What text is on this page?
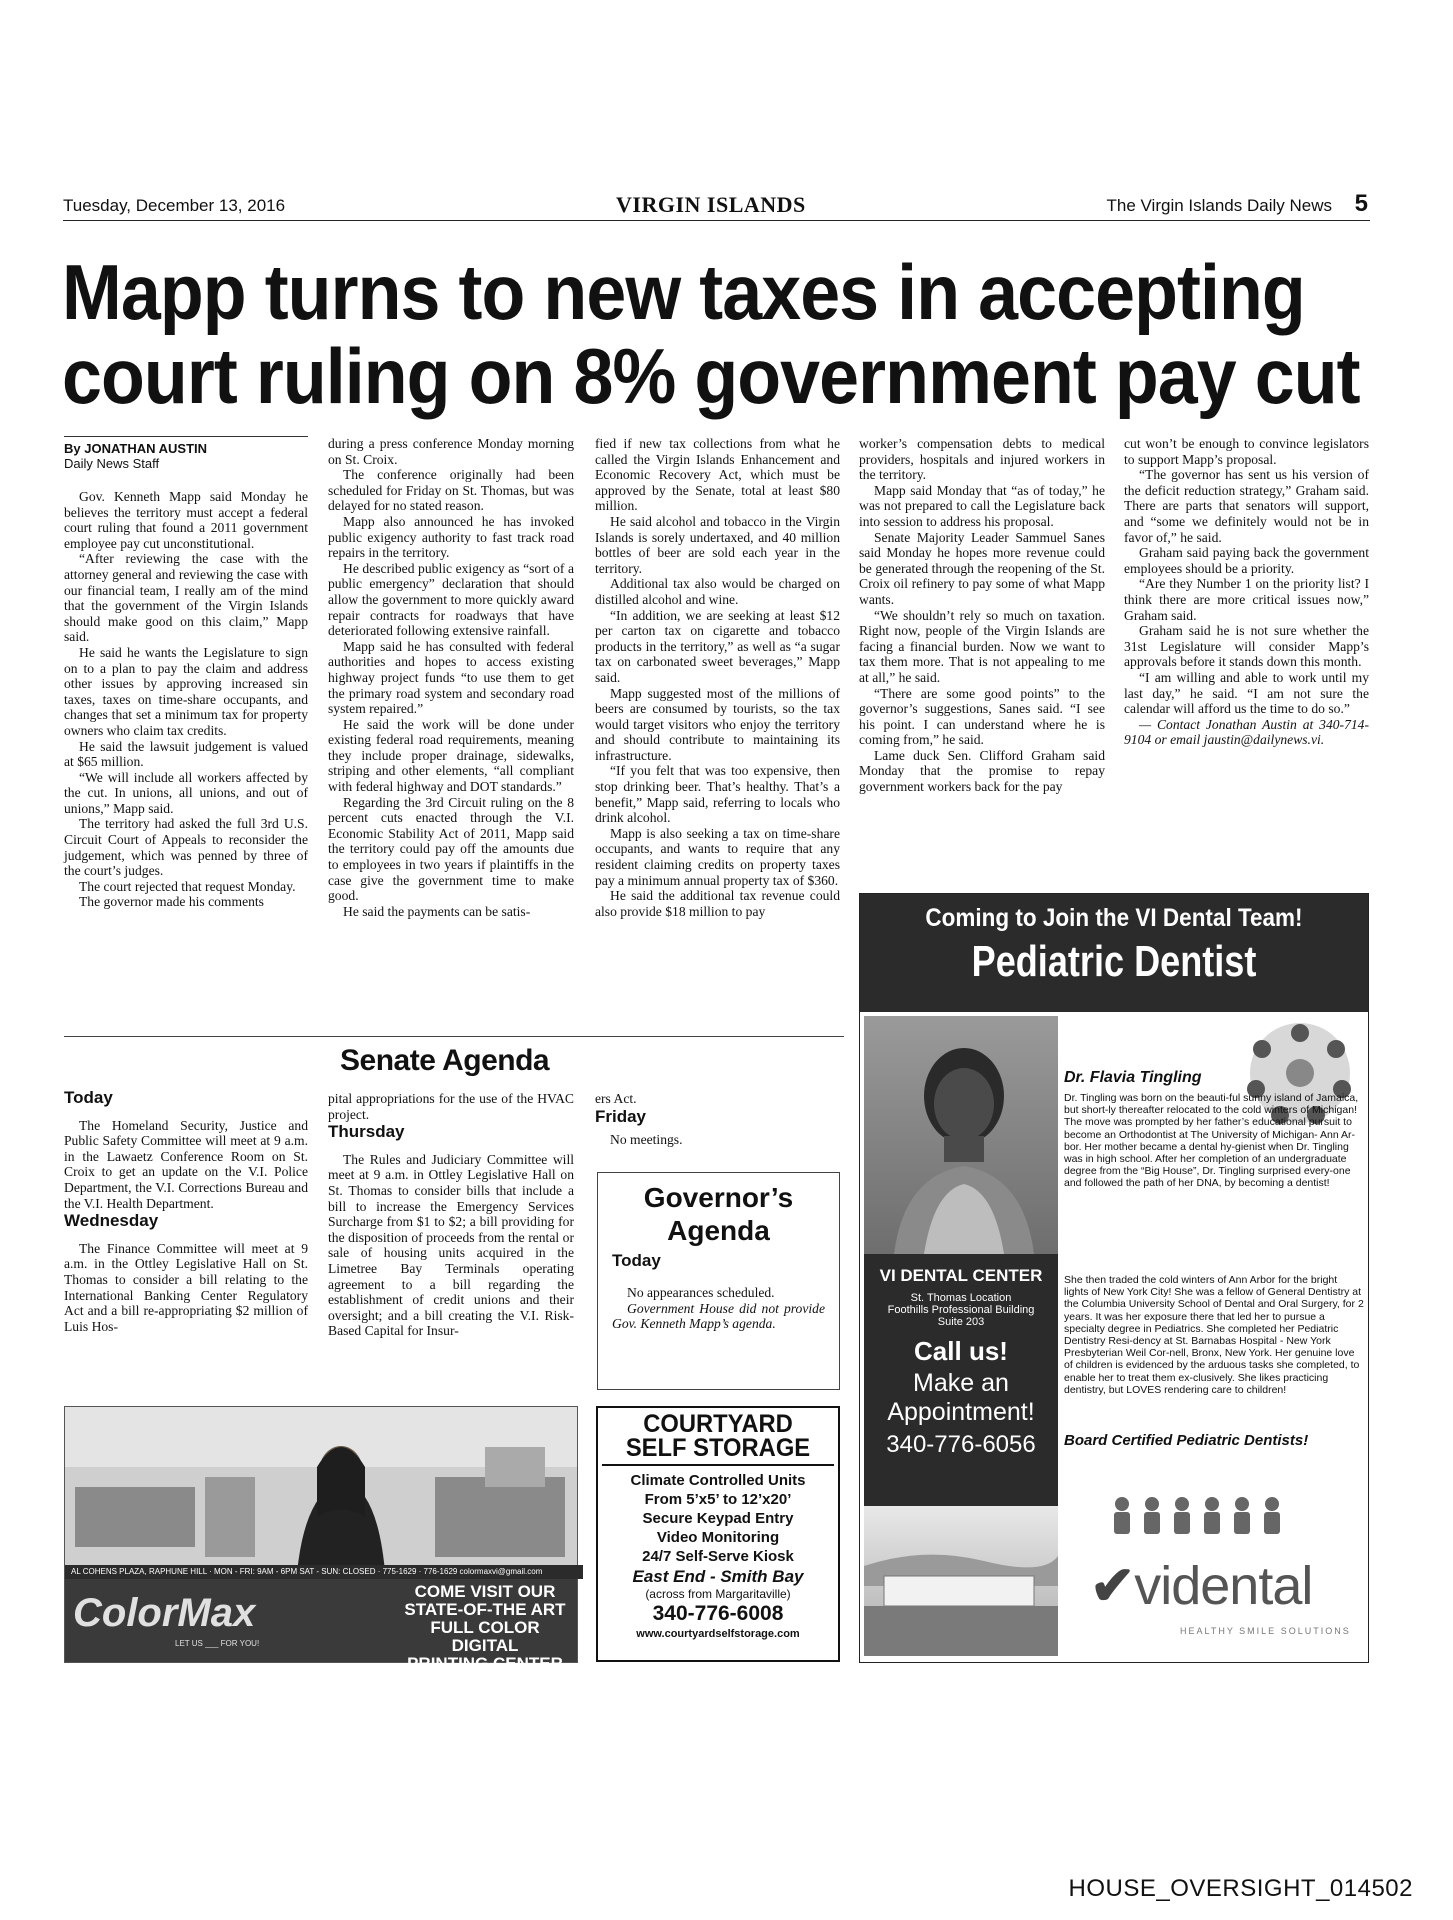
Tuesday, December 13, 2016	VIRGIN ISLANDS	The Virgin Islands Daily News 5
Mapp turns to new taxes in accepting
court ruling on 8% government pay cut
By JONATHAN AUSTIN
Daily News Staff

Gov. Kenneth Mapp said Monday he believes the territory must accept a federal court ruling that found a 2011 government employee pay cut unconstitutional.

“After reviewing the case with the attorney general and reviewing the case with our financial team, I really am of the mind that the government of the Virgin Islands should make good on this claim,” Mapp said.

He said he wants the Legislature to sign on to a plan to pay the claim and address other issues by approving increased sin taxes, taxes on time-share occupants, and changes that set a minimum tax for property owners who claim tax credits.

He said the lawsuit judgement is valued at $65 million.

“We will include all workers affected by the cut. In unions, all unions, and out of unions,” Mapp said.

The territory had asked the full 3rd U.S. Circuit Court of Appeals to reconsider the judgement, which was penned by three of the court’s judges.

The court rejected that request Monday.

The governor made his comments

during a press conference Monday morning on St. Croix.

The conference originally had been scheduled for Friday on St. Thomas, but was delayed for no stated reason.

Mapp also announced he has invoked public exigency authority to fast track road repairs in the territory.

He described public exigency as “sort of a public emergency” declaration that should allow the government to more quickly award repair contracts for roadways that have deteriorated following extensive rainfall.

Mapp said he has consulted with federal authorities and hopes to access existing highway project funds “to use them to get the primary road system and secondary road system repaired.”

He said the work will be done under existing federal road requirements, meaning they include proper drainage, sidewalks, striping and other elements, “all compliant with federal highway and DOT standards.”

Regarding the 3rd Circuit ruling on the 8 percent cuts enacted through the V.I. Economic Stability Act of 2011, Mapp said the territory could pay off the amounts due to employees in two years if plaintiffs in the case give the government time to make good.

He said the payments can be satis-

fied if new tax collections from what he called the Virgin Islands Enhancement and Economic Recovery Act, which must be approved by the Senate, total at least $80 million.

He said alcohol and tobacco in the Virgin Islands is sorely undertaxed, and 40 million bottles of beer are sold each year in the territory.

Additional tax also would be charged on distilled alcohol and wine.

“In addition, we are seeking at least $12 per carton tax on cigarette and tobacco products in the territory,” as well as “a sugar tax on carbonated sweet beverages,” Mapp said.

Mapp suggested most of the millions of beers are consumed by tourists, so the tax would target visitors who enjoy the territory and should contribute to maintaining its infrastructure.

“If you felt that was too expensive, then stop drinking beer. That’s healthy. That’s a benefit,” Mapp said, referring to locals who drink alcohol.

Mapp is also seeking a tax on time-share occupants, and wants to require that any resident claiming credits on property taxes pay a minimum annual property tax of $360.

He said the additional tax revenue could also provide $18 million to pay

worker’s compensation debts to medical providers, hospitals and injured workers in the territory.

Mapp said Monday that “as of today,” he was not prepared to call the Legislature back into session to address his proposal.

Senate Majority Leader Sammuel Sanes said Monday he hopes more revenue could be generated through the reopening of the St. Croix oil refinery to pay some of what Mapp wants.

“We shouldn’t rely so much on taxation. Right now, people of the Virgin Islands are facing a financial burden. Now we want to tax them more. That is not appealing to me at all,” he said.

“There are some good points” to the governor’s suggestions, Sanes said. “I see his point. I can understand where he is coming from,” he said.

Lame duck Sen. Clifford Graham said Monday that the promise to repay government workers back for the pay

cut won’t be enough to convince legislators to support Mapp’s proposal.

“The governor has sent us his version of the deficit reduction strategy,” Graham said. There are parts that senators will support, and “some we definitely would not be in favor of,” he said.

Graham said paying back the government employees should be a priority.

“Are they Number 1 on the priority list? I think there are more critical issues now,” Graham said.

Graham said he is not sure whether the 31st Legislature will consider Mapp’s approvals before it stands down this month.

“I am willing and able to work until my last day,” he said. “I am not sure the calendar will afford us the time to do so.”

— Contact Jonathan Austin at 340-714-9104 or email jaustin@dailynews.vi.

Senate Agenda
Today

The Homeland Security, Justice and Public Safety Committee will meet at 9 a.m. in the Lawaetz Conference Room on St. Croix to get an update on the V.I. Police Department, the V.I. Corrections Bureau and the V.I. Health Department.

Wednesday

The Finance Committee will meet at 9 a.m. in the Ottley Legislative Hall on St. Thomas to consider a bill relating to the International Banking Center Regulatory Act and a bill re-appropriating $2 million of Luis Hos-

pital appropriations for the use of the HVAC project.

Thursday

The Rules and Judiciary Committee will meet at 9 a.m. in Ottley Legislative Hall on St. Thomas to consider bills that include a bill to increase the Emergency Services Surcharge from $1 to $2; a bill providing for the disposition of proceeds from the rental or sale of housing units acquired in the Limetree Bay Terminals operating agreement to a bill regarding the establishment of credit unions and their oversight; and a bill creating the V.I. Risk-Based Capital for Insur-

ers Act.

Friday

No meetings.

Governor’s
Agenda
Today

No appearances scheduled.

Government House did not provide Gov. Kenneth Mapp’s agenda.

Coming to Join the VI Dental Team!
Pediatric Dentist
Dr. Flavia Tingling
Dr. Tingling was born on the beauti-ful sunny island of Jamaica, but short-ly thereafter relocated to the cold winters of Michigan! The move was prompted by her father’s educational pursuit to become an Orthodontist at The University of Michigan- Ann Ar-bor. Her mother became a dental hy-gienist when Dr. Tingling was in high school. After her completion of an undergraduate degree from the “Big House”, Dr. Tingling surprised every-one and followed the path of her DNA, by becoming a dentist!
She then traded the cold winters of Ann Arbor for the bright lights of New York City! She was a fellow of General Dentistry at the Columbia University School of Dental and Oral Surgery, for 2 years. It was her exposure there that led her to pursue a specialty degree in Pediatrics. She completed her Pediatric Dentistry Resi-dency at St. Barnabas Hospital - New York Presbyterian Weil Cor-nell, Bronx, New York. Her genuine love of children is evidenced by the arduous tasks she completed, to enable her to treat them ex-clusively. She likes practicing dentistry, but LOVES rendering care to children!
Board Certified Pediatric Dentists!
VI DENTAL CENTER
St. Thomas Location
Foothills Professional Building
Suite 203
Call us!
Make an
Appointment!
340-776-6056
✔vidental
HEALTHY SMILE SOLUTIONS
AL COHENS PLAZA, RAPHUNE HILL · MON - FRI: 9AM - 6PM SAT - SUN: CLOSED · 775-1629 · 776-1629 colormaxvi@gmail.com
ColorMax
LET US ___ FOR YOU!
COME VISIT OUR
STATE-OF-THE ART
FULL COLOR DIGITAL
PRINTING CENTER
COURTYARD
SELF STORAGE
Climate Controlled Units
From 5’x5’ to 12’x20’
Secure Keypad Entry
Video Monitoring
24/7 Self-Serve Kiosk
East End - Smith Bay
(across from Margaritaville)
340-776-6008
www.courtyardselfstorage.com
HOUSE_OVERSIGHT_014502
